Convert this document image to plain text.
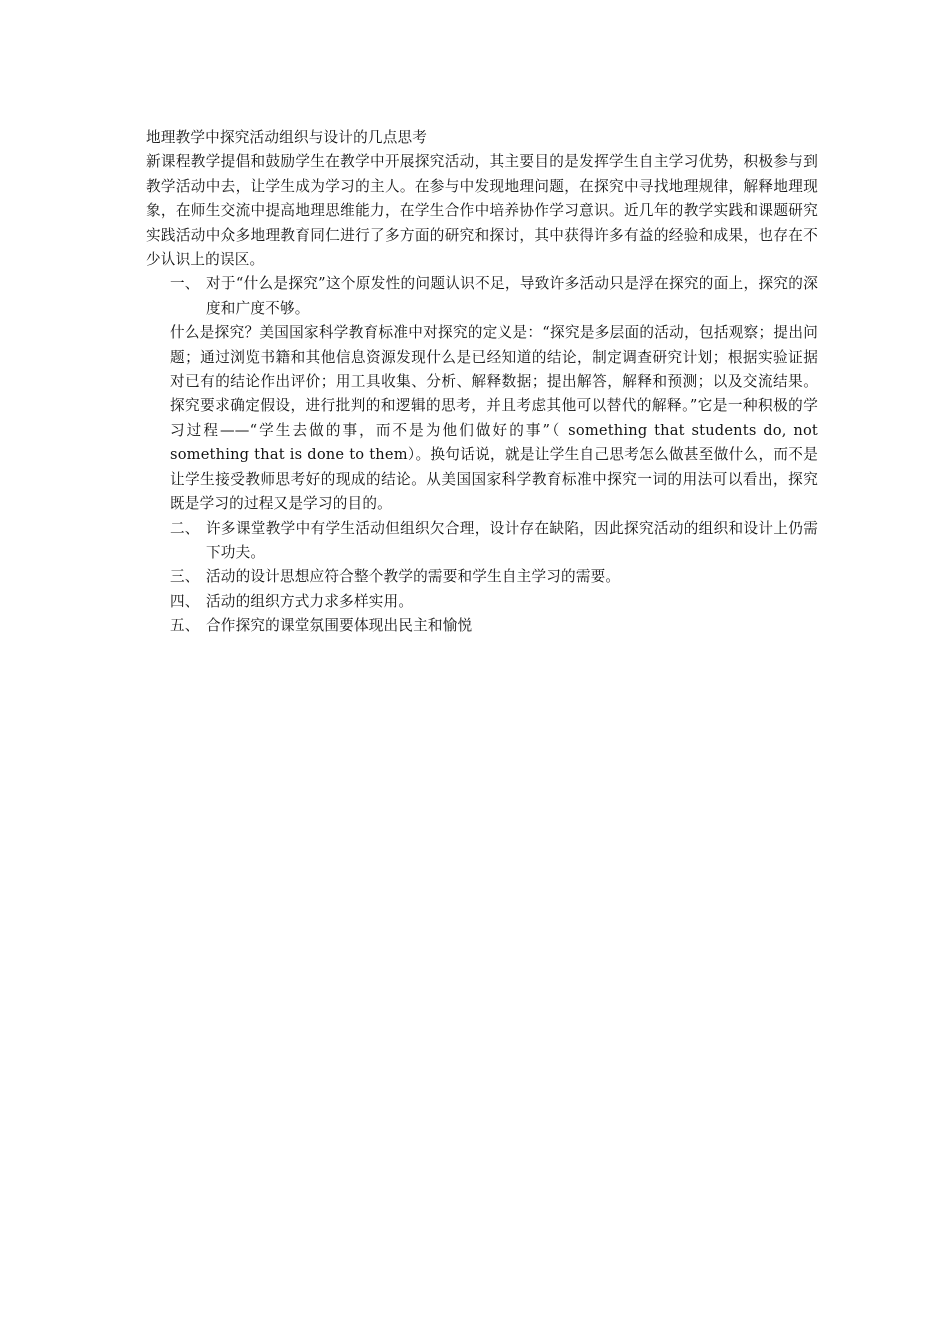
地理教学中探究活动组织与设计的几点思考

新课程教学提倡和鼓励学生在教学中开展探究活动，其主要目的是发挥学生自主学习优势，积极参与到教学活动中去，让学生成为学习的主人。在参与中发现地理问题，在探究中寻找地理规律，解释地理现象，在师生交流中提高地理思维能力，在学生合作中培养协作学习意识。近几年的教学实践和课题研究实践活动中众多地理教育同仁进行了多方面的研究和探讨，其中获得许多有益的经验和成果，也存在不少认识上的误区。

一、 对于“什么是探究”这个原发性的问题认识不足，导致许多活动只是浮在探究的面上，探究的深度和广度不够。

什么是探究？美国国家科学教育标准中对探究的定义是：“探究是多层面的活动，包括观察；提出问题；通过浏览书籍和其他信息资源发现什么是已经知道的结论，制定调查研究计划；根据实验证据对已有的结论作出评价；用工具收集、分析、解释数据；提出解答，解释和预测；以及交流结果。探究要求确定假设，进行批判的和逻辑的思考，并且考虑其他可以替代的解释。”它是一种积极的学习过程——“学生去做的事，而不是为他们做好的事”（ something that students do, not something that is done to them）。换句话说，就是让学生自己思考怎么做甚至做什么，而不是让学生接受教师思考好的现成的结论。从美国国家科学教育标准中探究一词的用法可以看出，探究既是学习的过程又是学习的目的。

二、 许多课堂教学中有学生活动但组织欠合理，设计存在缺陷，因此探究活动的组织和设计上仍需下功夫。
三、 活动的设计思想应符合整个教学的需要和学生自主学习的需要。
四、 活动的组织方式力求多样实用。
五、 合作探究的课堂氛围要体现出民主和愉悦
